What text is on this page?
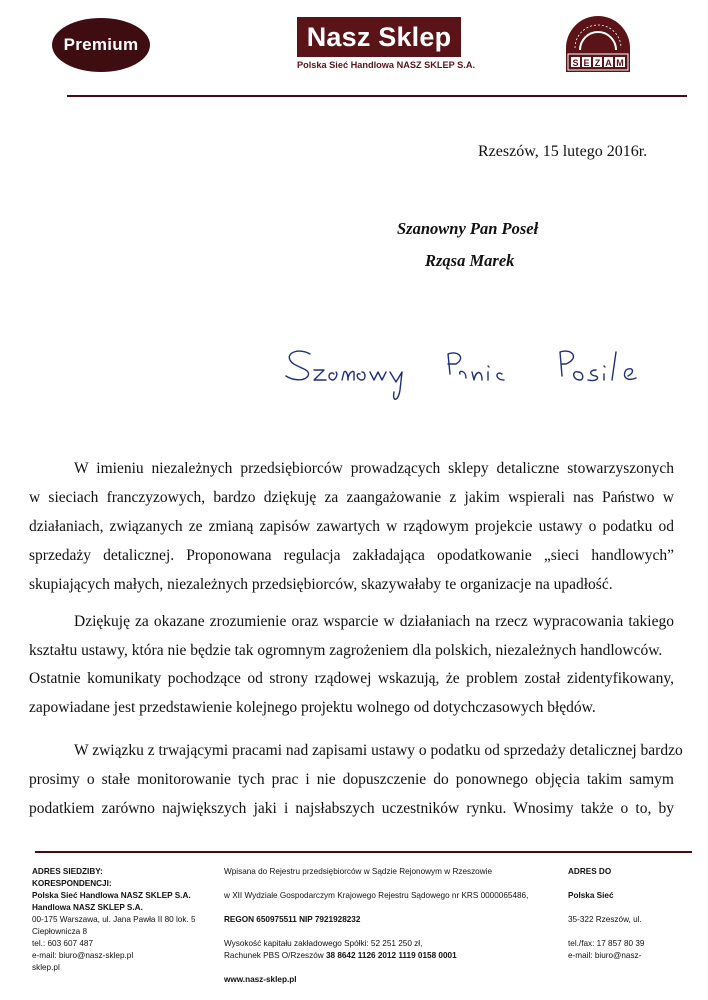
Premium	Nasz Sklep
Polska Sieć Handlowa NASZ SKLEP S.A.	S E Z A M
Rzeszów, 15 lutego 2016r.
Szanowny Pan Poseł
Rząsa Marek
W imieniu niezależnych przedsiębiorców prowadzących sklepy detaliczne stowarzyszonych
w sieciach franczyzowych, bardzo dziękuję za zaangażowanie z jakim wspierali nas Państwo w
działaniach, związanych ze zmianą zapisów zawartych w rządowym projekcie ustawy o podatku od
sprzedaży detalicznej. Proponowana regulacja zakładająca opodatkowanie „sieci handlowych”
skupiających małych, niezależnych przedsiębiorców, skazywałaby te organizacje na upadłość.
Dziękuję za okazane zrozumienie oraz wsparcie w działaniach na rzecz wypracowania takiego
kształtu ustawy, która nie będzie tak ogromnym zagrożeniem dla polskich, niezależnych handlowców.
Ostatnie komunikaty pochodzące od strony rządowej wskazują, że problem został zidentyfikowany,
zapowiadane jest przedstawienie kolejnego projektu wolnego od dotychczasowych błędów.
W związku z trwającymi pracami nad zapisami ustawy o podatku od sprzedaży detalicznej bardzo
prosimy o stałe monitorowanie tych prac i nie dopuszczenie do ponownego objęcia takim samym
podatkiem zarówno największych jaki i najsłabszych uczestników rynku. Wnosimy także o to, by
ADRES SIEDZIBY:
KORESPONDENCJI:
Polska Sieć Handlowa NASZ SKLEP S.A.
Handlowa NASZ SKLEP S.A.
00-175 Warszawa, ul. Jana Pawła II 80 lok. 5
Ciepłownicza 8
tel.: 603 607 487
e-mail: biuro@nasz-sklep.pl
sklep.pl
Wpisana do Rejestru przedsiębiorców w Sądzie Rejonowym w Rzeszowie
w XII Wydziale Gospodarczym Krajowego Rejestru Sądowego nr KRS 0000065486,
REGON 650975511 NIP 7921928232
Wysokość kapitału zakładowego Spółki: 52 251 250 zł,
Rachunek PBS O/Rzeszów 38 8642 1126 2012 1119 0158 0001
www.nasz-sklep.pl
ADRES DO
Polska Sieć
35-322 Rzeszów, ul.
tel./fax: 17 857 80 39
e-mail: biuro@nasz-
